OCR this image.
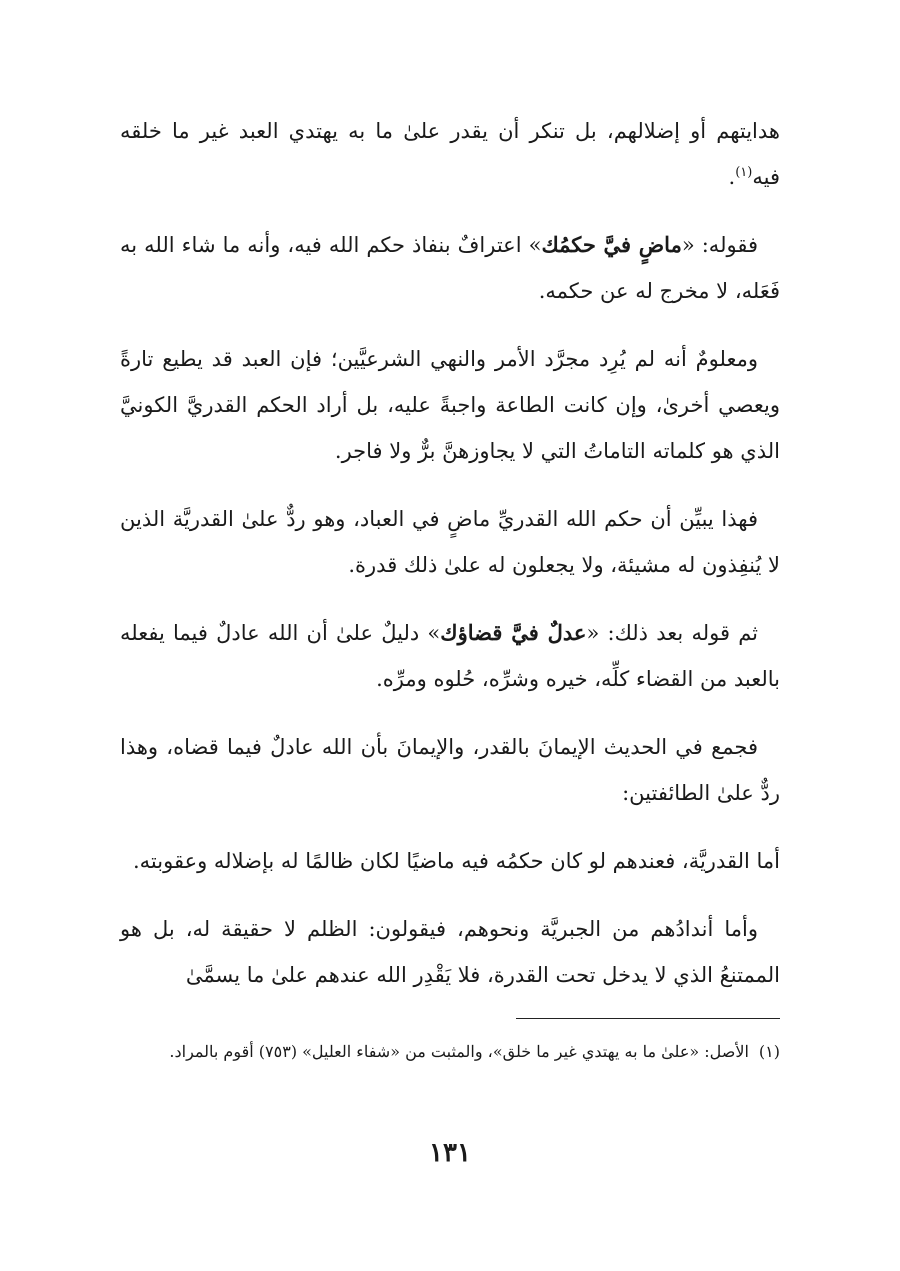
هدايتهم أو إضلالهم، بل تنكر أن يقدر علىٰ ما به يهتدي العبد غير ما خلقه فيه$^{(١)}$.

فقوله: «ماضٍ فيَّ حكمُك» اعترافٌ بنفاذ حكم الله فيه، وأنه ما شاء الله به فَعَله، لا مخرج له عن حكمه.

ومعلومٌ أنه لم يُرِد مجرَّد الأمر والنهي الشرعيَّين؛ فإن العبد قد يطيع تارةً ويعصي أخرىٰ، وإن كانت الطاعة واجبةً عليه، بل أراد الحكم القدريَّ الكونيَّ الذي هو كلماته التاماتُ التي لا يجاوزهنَّ برٌّ ولا فاجر.

فهذا يبيِّن أن حكم الله القدريِّ ماضٍ في العباد، وهو ردٌّ علىٰ القدريَّة الذين لا يُنفِذون له مشيئة، ولا يجعلون له علىٰ ذلك قدرة.

ثم قوله بعد ذلك: «عدلٌ فيَّ قضاؤك» دليلٌ علىٰ أن الله عادلٌ فيما يفعله بالعبد من القضاء كلِّه، خيره وشرِّه، حُلوه ومرِّه.

فجمع في الحديث الإيمانَ بالقدر، والإيمانَ بأن الله عادلٌ فيما قضاه، وهذا ردٌّ علىٰ الطائفتين:

أما القدريَّة، فعندهم لو كان حكمُه فيه ماضيًا لكان ظالمًا له بإضلاله وعقوبته.

وأما أندادُهم من الجبريَّة ونحوهم، فيقولون: الظلم لا حقيقة له، بل هو الممتنعُ الذي لا يدخل تحت القدرة، فلا يَقْدِر الله عندهم علىٰ ما يسمَّىٰ

(١)الأصل: «علىٰ ما به يهتدي غير ما خلق»، والمثبت من «شفاء العليل» (٧٥٣) أقوم بالمراد.
١٣١
